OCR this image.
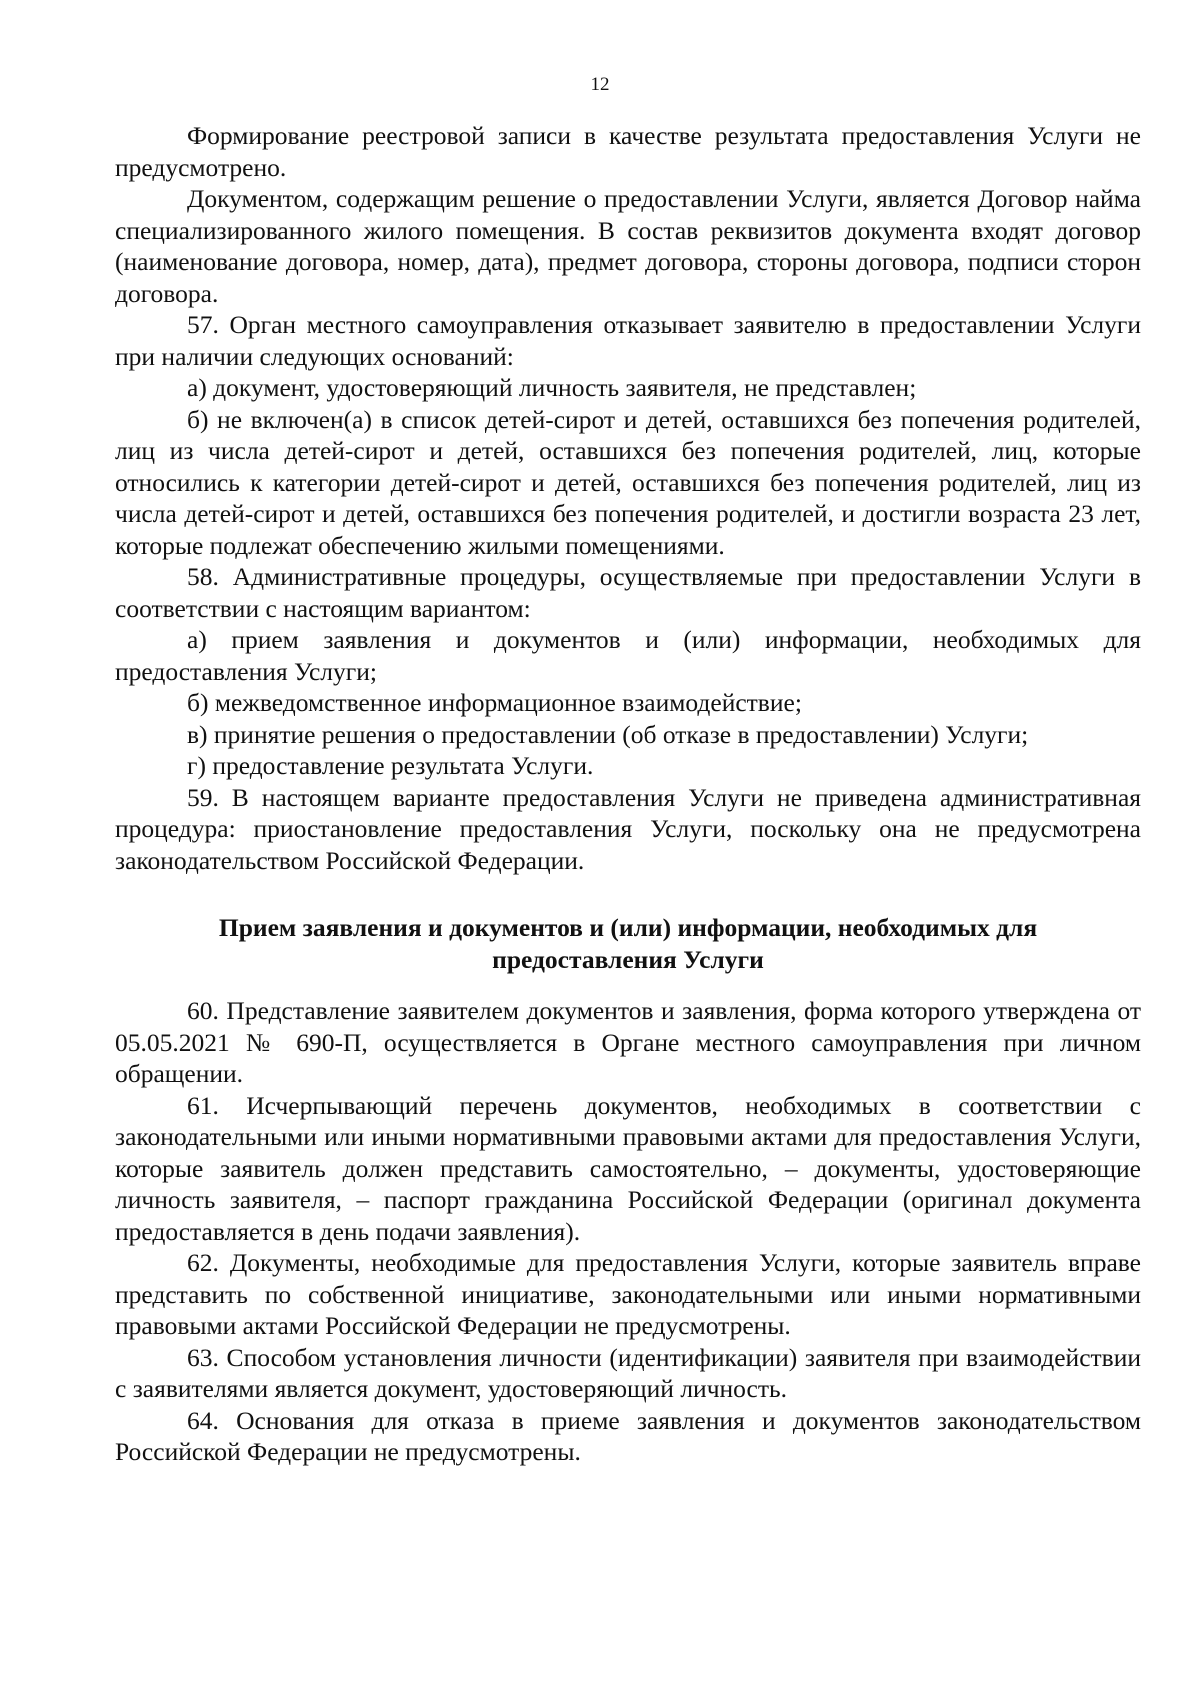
12

Формирование реестровой записи в качестве результата предоставления Услуги не предусмотрено.

Документом, содержащим решение о предоставлении Услуги, является Договор найма специализированного жилого помещения. В состав реквизитов документа входят договор (наименование договора, номер, дата), предмет договора, стороны договора, подписи сторон договора.

57. Орган местного самоуправления отказывает заявителю в предоставлении Услуги при наличии следующих оснований:

а) документ, удостоверяющий личность заявителя, не представлен;

б) не включен(а) в список детей-сирот и детей, оставшихся без попечения родителей, лиц из числа детей-сирот и детей, оставшихся без попечения родителей, лиц, которые относились к категории детей-сирот и детей, оставшихся без попечения родителей, лиц из числа детей-сирот и детей, оставшихся без попечения родителей, и достигли возраста 23 лет, которые подлежат обеспечению жилыми помещениями.

58. Административные процедуры, осуществляемые при предоставлении Услуги в соответствии с настоящим вариантом:

а) прием заявления и документов и (или) информации, необходимых для предоставления Услуги;

б) межведомственное информационное взаимодействие;

в) принятие решения о предоставлении (об отказе в предоставлении) Услуги;

г) предоставление результата Услуги.

59. В настоящем варианте предоставления Услуги не приведена административная процедура: приостановление предоставления Услуги, поскольку она не предусмотрена законодательством Российской Федерации.

Прием заявления и документов и (или) информации, необходимых для предоставления Услуги

60. Представление заявителем документов и заявления, форма которого утверждена от 05.05.2021 № 690-П, осуществляется в Органе местного самоуправления при личном обращении.

61. Исчерпывающий перечень документов, необходимых в соответствии с законодательными или иными нормативными правовыми актами для предоставления Услуги, которые заявитель должен представить самостоятельно, – документы, удостоверяющие личность заявителя, – паспорт гражданина Российской Федерации (оригинал документа предоставляется в день подачи заявления).

62. Документы, необходимые для предоставления Услуги, которые заявитель вправе представить по собственной инициативе, законодательными или иными нормативными правовыми актами Российской Федерации не предусмотрены.

63. Способом установления личности (идентификации) заявителя при взаимодействии с заявителями является документ, удостоверяющий личность.

64. Основания для отказа в приеме заявления и документов законодательством Российской Федерации не предусмотрены.
